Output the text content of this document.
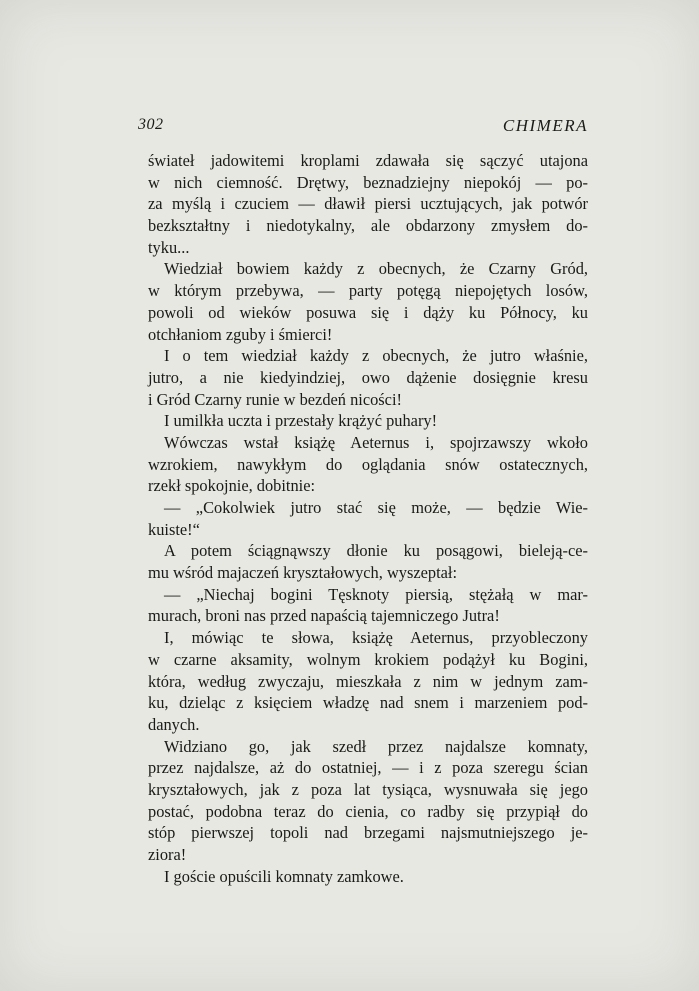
302	CHIMERA
świateł jadowitemi kroplami zdawała się sączyć utajona
w nich ciemność. Drętwy, beznadziejny niepokój — po-
za myślą i czuciem — dławił piersi ucztujących, jak potwór
bezkształtny i niedotykalny, ale obdarzony zmysłem do-
tyku...
Wiedział bowiem każdy z obecnych, że Czarny Gród,
w którym przebywa, — party potęgą niepojętych losów,
powoli od wieków posuwa się i dąży ku Północy, ku
otchłaniom zguby i śmierci!
I o tem wiedział każdy z obecnych, że jutro właśnie,
jutro, a nie kiedyindziej, owo dążenie dosięgnie kresu
i Gród Czarny runie w bezdeń nicości!
I umilkła uczta i przestały krążyć puhary!
Wówczas wstał książę Aeternus i, spojrzawszy wkoło
wzrokiem, nawykłym do oglądania snów ostatecznych,
rzekł spokojnie, dobitnie:
— „Cokolwiek jutro stać się może, — będzie Wie-
kuiste!“
A potem ściągnąwszy dłonie ku posągowi, bieleją-ce-
mu wśród majaczeń kryształowych, wyszeptał:
— „Niechaj bogini Tęsknoty piersią, stężałą w mar-
murach, broni nas przed napaścią tajemniczego Jutra!
I, mówiąc te słowa, książę Aeternus, przyobleczony
w czarne aksamity, wolnym krokiem podążył ku Bogini,
która, według zwyczaju, mieszkała z nim w jednym zam-
ku, dzieląc z księciem władzę nad snem i marzeniem pod-
danych.
Widziano go, jak szedł przez najdalsze komnaty,
przez najdalsze, aż do ostatniej, — i z poza szeregu ścian
kryształowych, jak z poza lat tysiąca, wysnuwała się jego
postać, podobna teraz do cienia, co radby się przypiął do
stóp pierwszej topoli nad brzegami najsmutniejszego je-
ziora!
I goście opuścili komnaty zamkowe.
